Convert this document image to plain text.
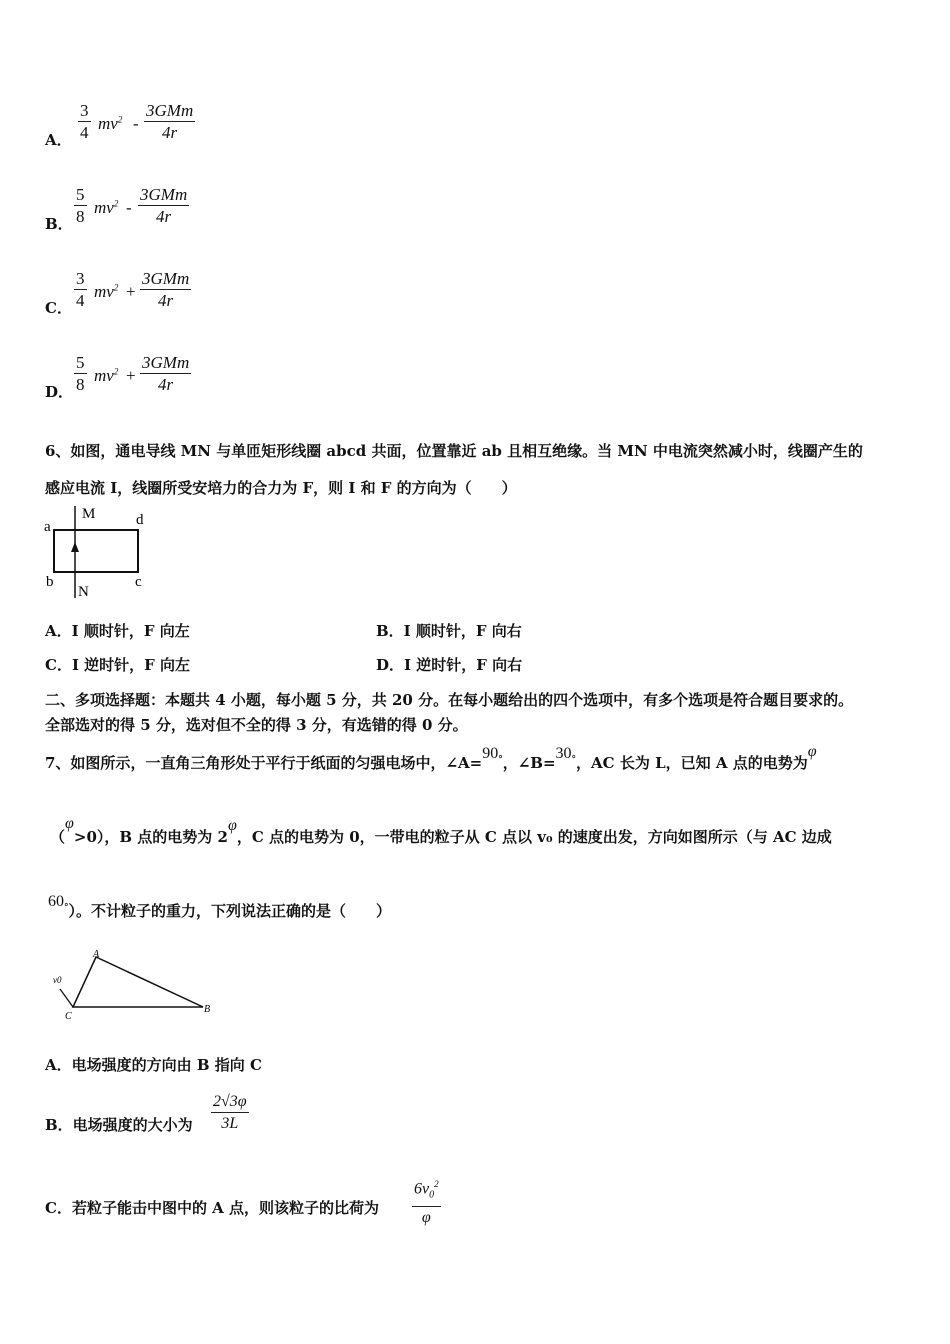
A． $\frac{3}{4} mv^2$ -
3GMm
4r
B． $\frac{5}{8} mv^2$ -
3GMm
4r
C． $\frac{3}{4} mv^2$ +
3GMm
4r
D． $\frac{5}{8} mv^2$ +
3GMm
4r
6、如图，通电导线 MN 与单匝矩形线圈 abcd 共面，位置靠近 ab 且相互绝缘。当 MN 中电流突然减小时，线圈产生的
感应电流 I，线圈所受安培力的合力为 F，则 I 和 F 的方向为（　　）
M
N
a
b	c
d
A．I 顺时针，F 向左	B．I 顺时针，F 向右
C．I 逆时针，F 向左	D．I 逆时针，F 向右
二、多项选择题：本题共 4 小题，每小题 5 分，共 20 分。在每小题给出的四个选项中，有多个选项是符合题目要求的。
全部选对的得 5 分，选对但不全的得 3 分，有选错的得 0 分。
7、如图所示，一直角三角形处于平行于纸面的匀强电场中，∠A=90°，∠B=30°，AC 长为 L，已知 A 点的电势为φ
（φ>0），B 点的电势为 2φ，C 点的电势为 0，一带电的粒子从 C 点以 v₀ 的速度出发，方向如图所示（与 AC 边成
60°）。不计粒子的重力，下列说法正确的是（　　）
A
B
C
v0
A．电场强度的方向由 B 指向 C
B．电场强度的大小为 $\frac{2√3\varphi}{3L}$
C．若粒子能击中图中的 A 点，则该粒子的比荷为 $\frac{6v_0^2}{\varphi}$
